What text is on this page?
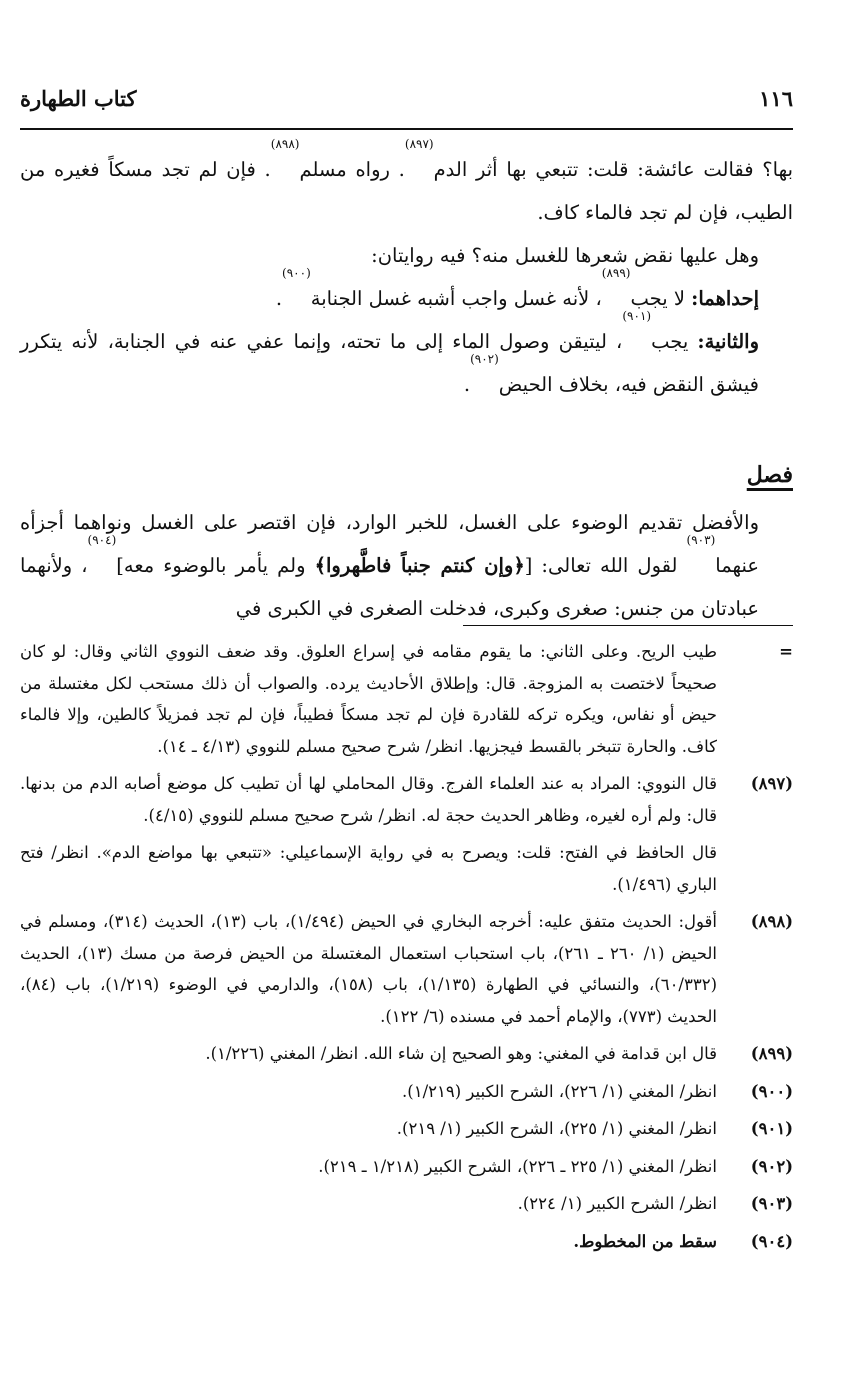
١١٦
كتاب الطهارة

بها؟ فقالت عائشة: قلت: تتبعي بها أثر الدم$^{(٨٩٧)}$. رواه مسلم$^{(٨٩٨)}$. فإن لم تجد مسكاً فغيره من الطيب، فإن لم تجد فالماء كاف.

وهل عليها نقض شعرها للغسل منه؟ فيه روايتان:

إحداهما: لا يجب$^{(٨٩٩)}$، لأنه غسل واجب أشبه غسل الجنابة$^{(٩٠٠)}$.

والثانية: يجب$^{(٩٠١)}$، ليتيقن وصول الماء إلى ما تحته، وإنما عفي عنه في الجنابة، لأنه يتكرر فيشق النقض فيه، بخلاف الحيض$^{(٩٠٢)}$.

فصل

والأفضل تقديم الوضوء على الغسل، للخبر الوارد، فإن اقتصر على الغسل ونواهما أجزأه عنهما$^{(٩٠٣)}$ لقول الله تعالى: [﴿وإن كنتم جنباً فاطَّهروا﴾ ولم يأمر بالوضوء معه]$^{(٩٠٤)}$، ولأنهما عبادتان من جنس: صغرى وكبرى، فدخلت الصغرى في الكبرى في

=
طيب الريح. وعلى الثاني: ما يقوم مقامه في إسراع العلوق. وقد ضعف النووي الثاني وقال: لو كان صحيحاً لاختصت به المزوجة. قال: وإطلاق الأحاديث يرده. والصواب أن ذلك مستحب لكل مغتسلة من حيض أو نفاس، ويكره تركه للقادرة فإن لم تجد مسكاً فطيباً، فإن لم تجد فمزيلاً كالطين، وإلا فالماء كاف. والحارة تتبخر بالقسط فيجزيها. انظر/ شرح صحيح مسلم للنووي (٤/١٣ ـ ١٤).
(٨٩٧)
قال النووي: المراد به عند العلماء الفرج. وقال المحاملي لها أن تطيب كل موضع أصابه الدم من بدنها. قال: ولم أره لغيره، وظاهر الحديث حجة له. انظر/ شرح صحيح مسلم للنووي (٤/١٥).
قال الحافظ في الفتح: قلت: ويصرح به في رواية الإسماعيلي: «تتبعي بها مواضع الدم». انظر/ فتح الباري (١/٤٩٦).
(٨٩٨)
أقول: الحديث متفق عليه: أخرجه البخاري في الحيض (١/٤٩٤)، باب (١٣)، الحديث (٣١٤)، ومسلم في الحيض (١/ ٢٦٠ ـ ٢٦١)، باب استحباب استعمال المغتسلة من الحيض فرصة من مسك (١٣)، الحديث (٦٠/٣٣٢)، والنسائي في الطهارة (١/١٣٥)، باب (١٥٨)، والدارمي في الوضوء (١/٢١٩)، باب (٨٤)، الحديث (٧٧٣)، والإمام أحمد في مسنده (٦/ ١٢٢).
(٨٩٩)
قال ابن قدامة في المغني: وهو الصحيح إن شاء الله. انظر/ المغني (١/٢٢٦).
(٩٠٠)
انظر/ المغني (١/ ٢٢٦)، الشرح الكبير (١/٢١٩).
(٩٠١)
انظر/ المغني (١/ ٢٢٥)، الشرح الكبير (١/ ٢١٩).
(٩٠٢)
انظر/ المغني (١/ ٢٢٥ ـ ٢٢٦)، الشرح الكبير (١/٢١٨ ـ ٢١٩).
(٩٠٣)
انظر/ الشرح الكبير (١/ ٢٢٤).
(٩٠٤)
سقط من المخطوط.
